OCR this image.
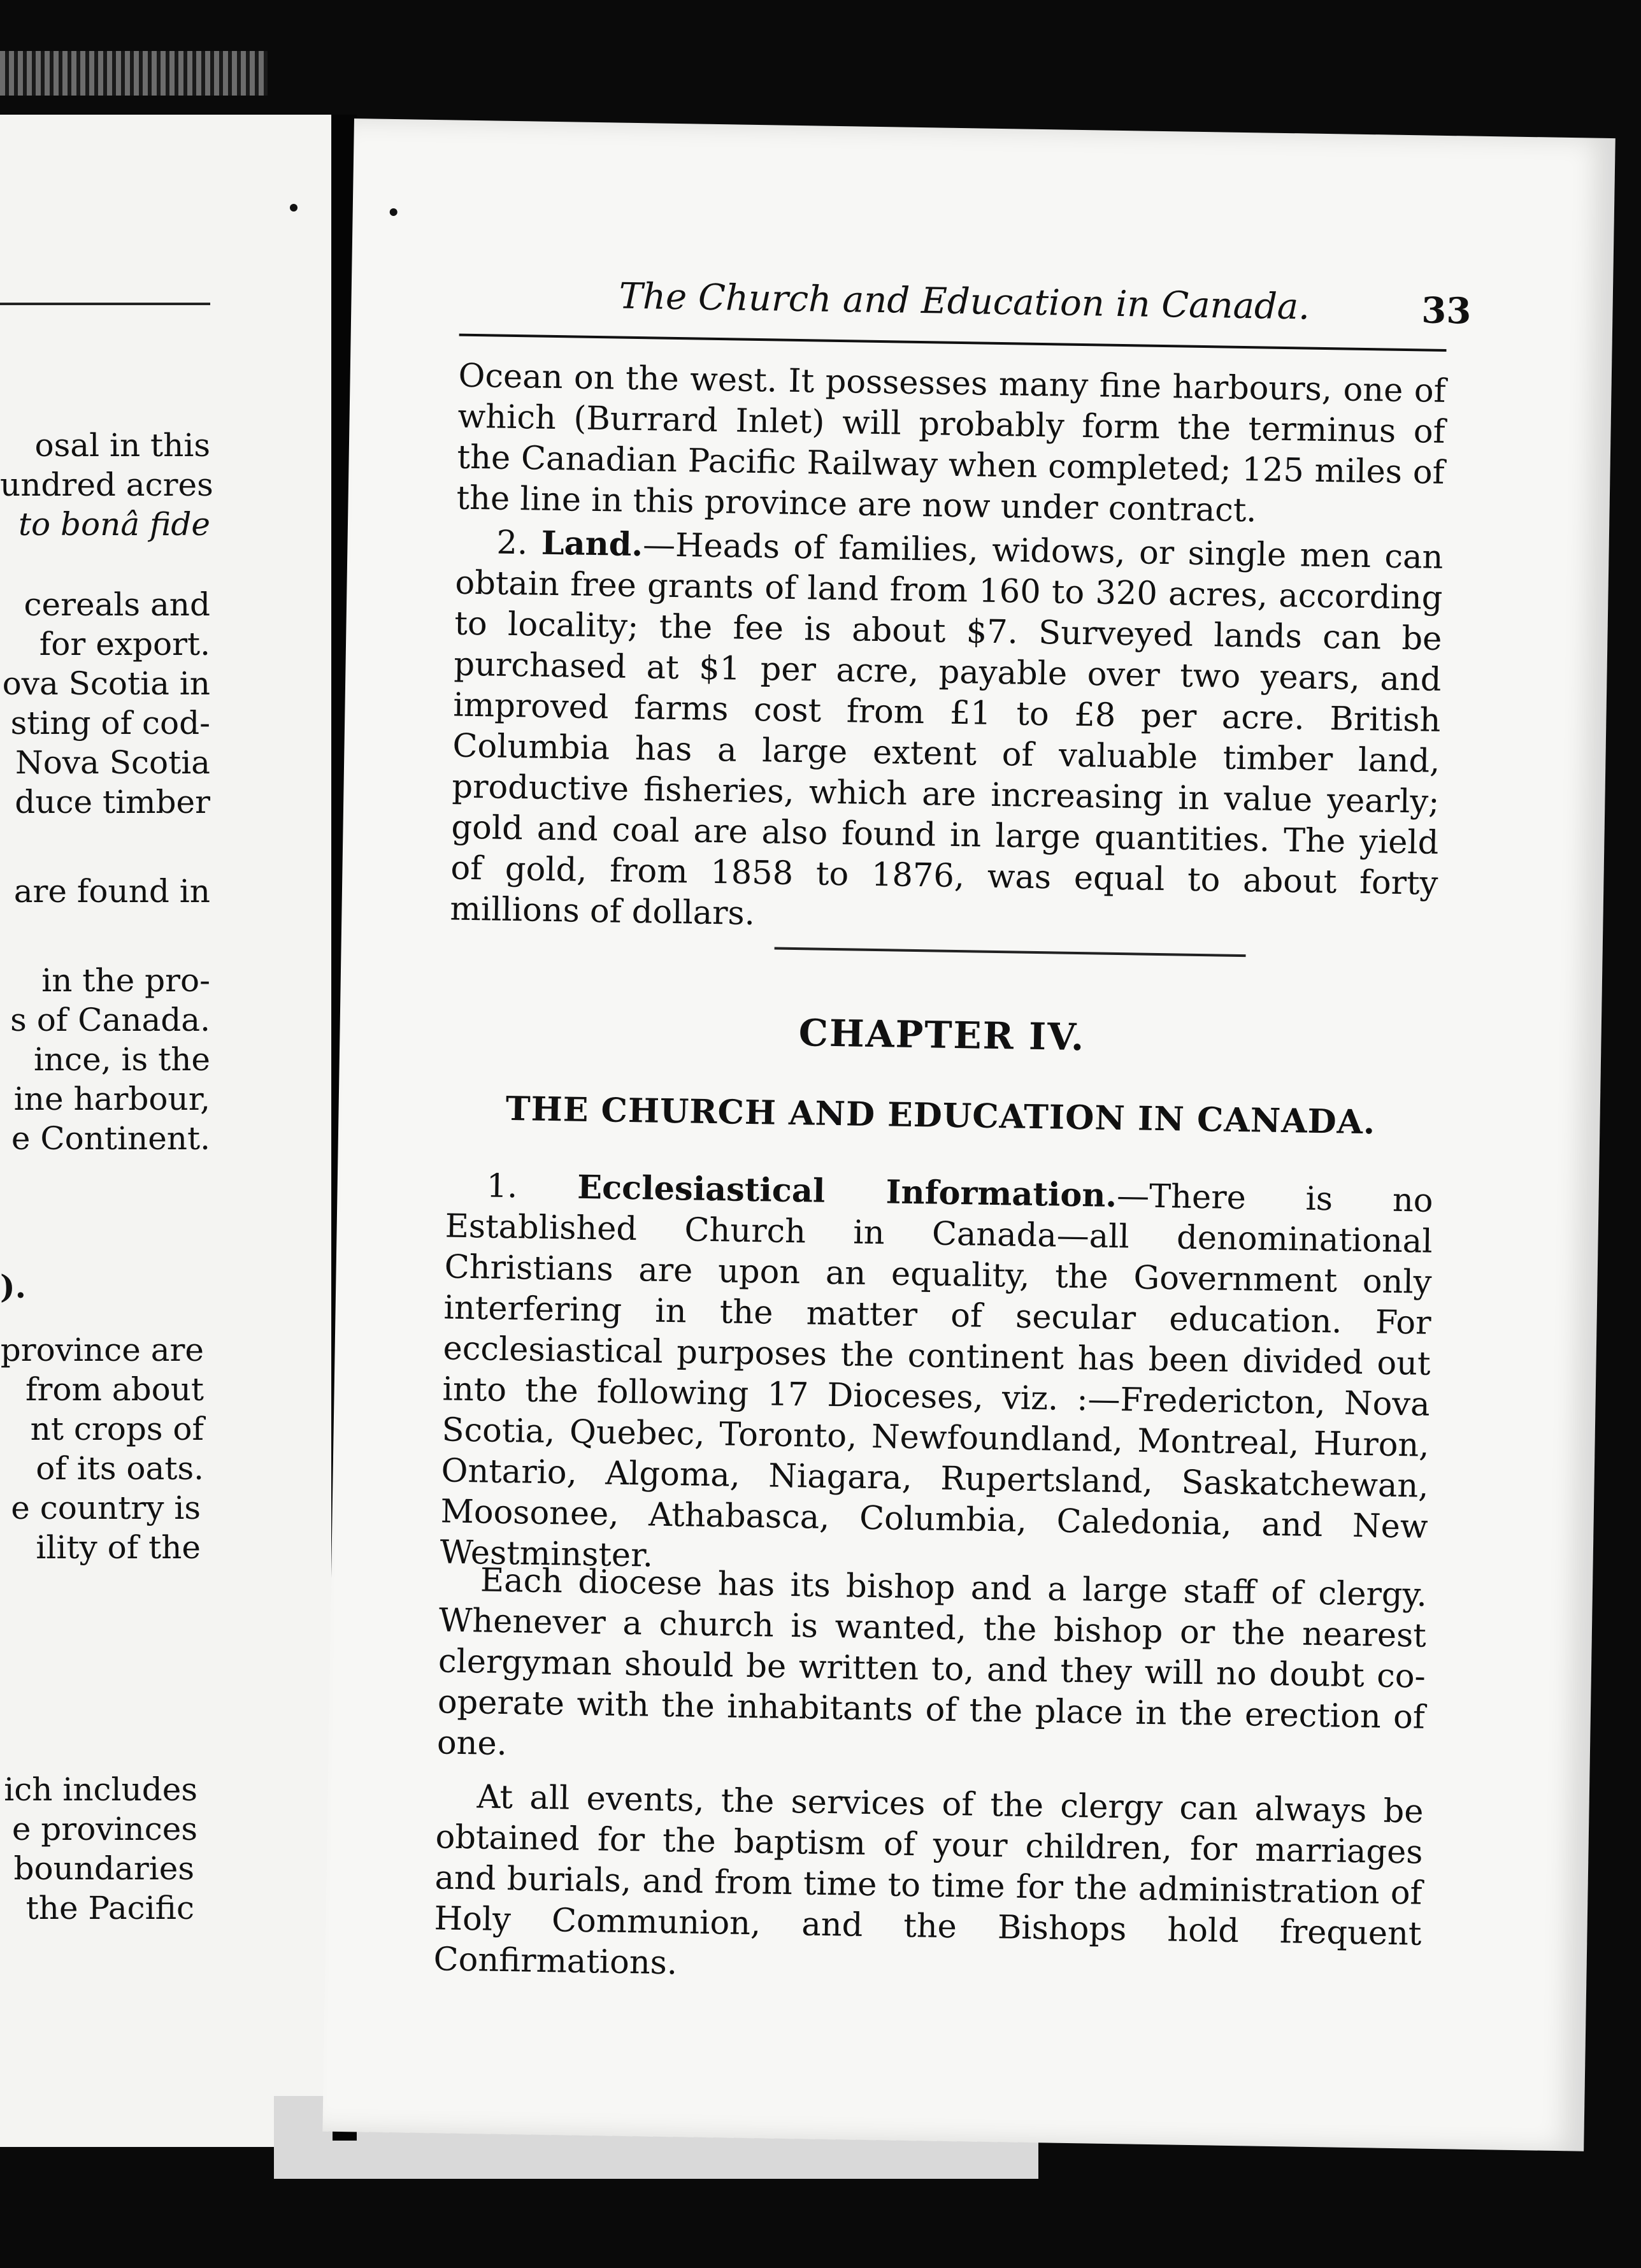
osal in this
undred acres
to bonâ fide
cereals and
for export.
ova Scotia in
sting of cod-
Nova Scotia
duce timber
are found in
in the pro-
s of Canada.
ince, is the
ine harbour,
e Continent.
).
province are
from about
nt crops of
of its oats.
e country is
ility of the
ich includes
e provinces
boundaries
the Pacific
The Church and Education in Canada.	33

Ocean on the west. It possesses many fine harbours, one of which (Burrard Inlet) will probably form the terminus of the Canadian Pacific Railway when completed; 125 miles of the line in this province are now under contract.

2. Land.—Heads of families, widows, or single men can obtain free grants of land from 160 to 320 acres, according to locality; the fee is about $7. Surveyed lands can be purchased at $1 per acre, payable over two years, and improved farms cost from £1 to £8 per acre. British Columbia has a large extent of valuable timber land, productive fisheries, which are increasing in value yearly; gold and coal are also found in large quantities. The yield of gold, from 1858 to 1876, was equal to about forty millions of dollars.

CHAPTER IV.
THE CHURCH AND EDUCATION IN CANADA.

1. Ecclesiastical Information.—There is no Established Church in Canada—all denominational Christians are upon an equality, the Government only interfering in the matter of secular education. For ecclesiastical purposes the continent has been divided out into the following 17 Dioceses, viz. :—Fredericton, Nova Scotia, Quebec, Toronto, Newfoundland, Montreal, Huron, Ontario, Algoma, Niagara, Rupertsland, Saskatchewan, Moosonee, Athabasca, Columbia, Caledonia, and New Westminster.

Each diocese has its bishop and a large staff of clergy. Whenever a church is wanted, the bishop or the nearest clergyman should be written to, and they will no doubt co-operate with the inhabitants of the place in the erection of one.

At all events, the services of the clergy can always be obtained for the baptism of your children, for marriages and burials, and from time to time for the administration of Holy Communion, and the Bishops hold frequent Confirmations.
